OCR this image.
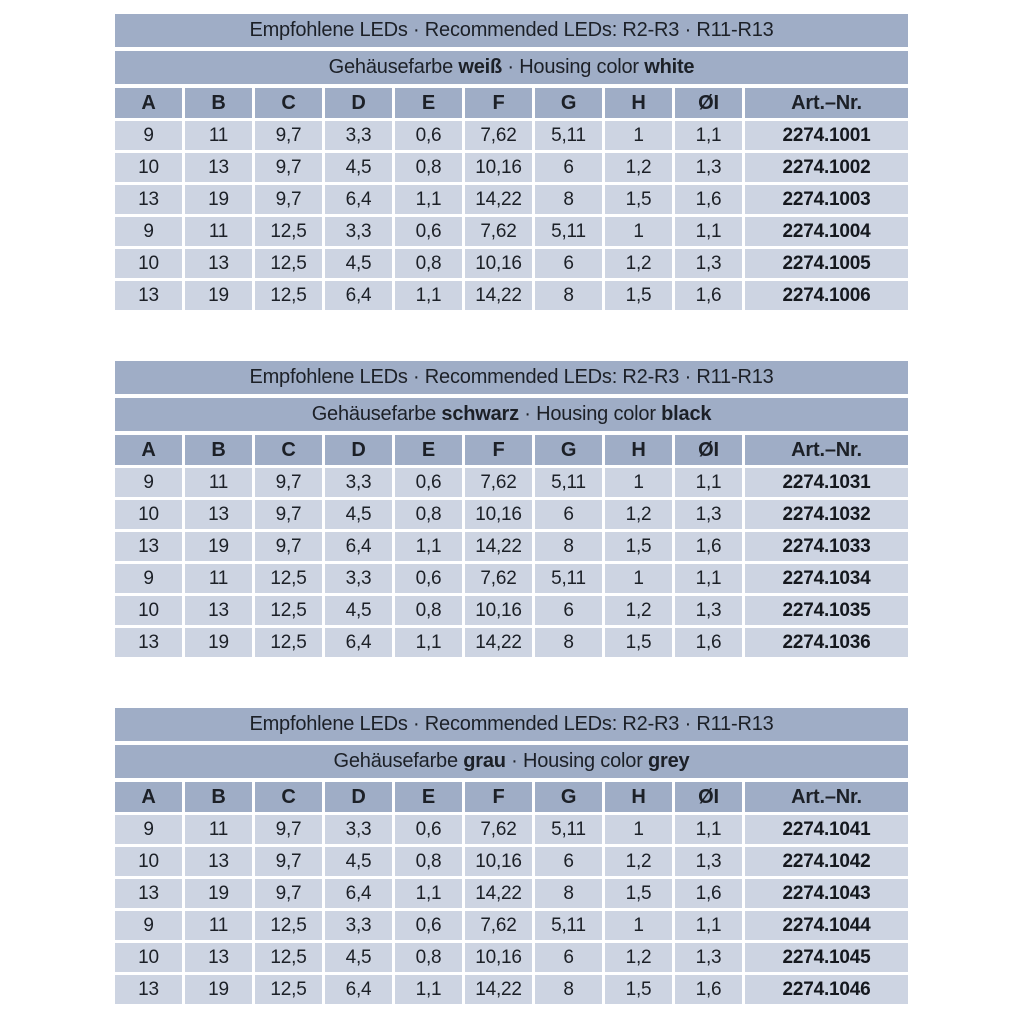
Empfohlene LEDs · Recommended LEDs: R2-R3 · R11-R13
Gehäusefarbe weiß · Housing color white
A	B	C	D	E	F	G	H	ØI	Art.–Nr.
9	11	9,7	3,3	0,6	7,62	5,11	1	1,1	2274.1001
10	13	9,7	4,5	0,8	10,16	6	1,2	1,3	2274.1002
13	19	9,7	6,4	1,1	14,22	8	1,5	1,6	2274.1003
9	11	12,5	3,3	0,6	7,62	5,11	1	1,1	2274.1004
10	13	12,5	4,5	0,8	10,16	6	1,2	1,3	2274.1005
13	19	12,5	6,4	1,1	14,22	8	1,5	1,6	2274.1006
Empfohlene LEDs · Recommended LEDs: R2-R3 · R11-R13
Gehäusefarbe schwarz · Housing color black
A	B	C	D	E	F	G	H	ØI	Art.–Nr.
9	11	9,7	3,3	0,6	7,62	5,11	1	1,1	2274.1031
10	13	9,7	4,5	0,8	10,16	6	1,2	1,3	2274.1032
13	19	9,7	6,4	1,1	14,22	8	1,5	1,6	2274.1033
9	11	12,5	3,3	0,6	7,62	5,11	1	1,1	2274.1034
10	13	12,5	4,5	0,8	10,16	6	1,2	1,3	2274.1035
13	19	12,5	6,4	1,1	14,22	8	1,5	1,6	2274.1036
Empfohlene LEDs · Recommended LEDs: R2-R3 · R11-R13
Gehäusefarbe grau · Housing color grey
A	B	C	D	E	F	G	H	ØI	Art.–Nr.
9	11	9,7	3,3	0,6	7,62	5,11	1	1,1	2274.1041
10	13	9,7	4,5	0,8	10,16	6	1,2	1,3	2274.1042
13	19	9,7	6,4	1,1	14,22	8	1,5	1,6	2274.1043
9	11	12,5	3,3	0,6	7,62	5,11	1	1,1	2274.1044
10	13	12,5	4,5	0,8	10,16	6	1,2	1,3	2274.1045
13	19	12,5	6,4	1,1	14,22	8	1,5	1,6	2274.1046
